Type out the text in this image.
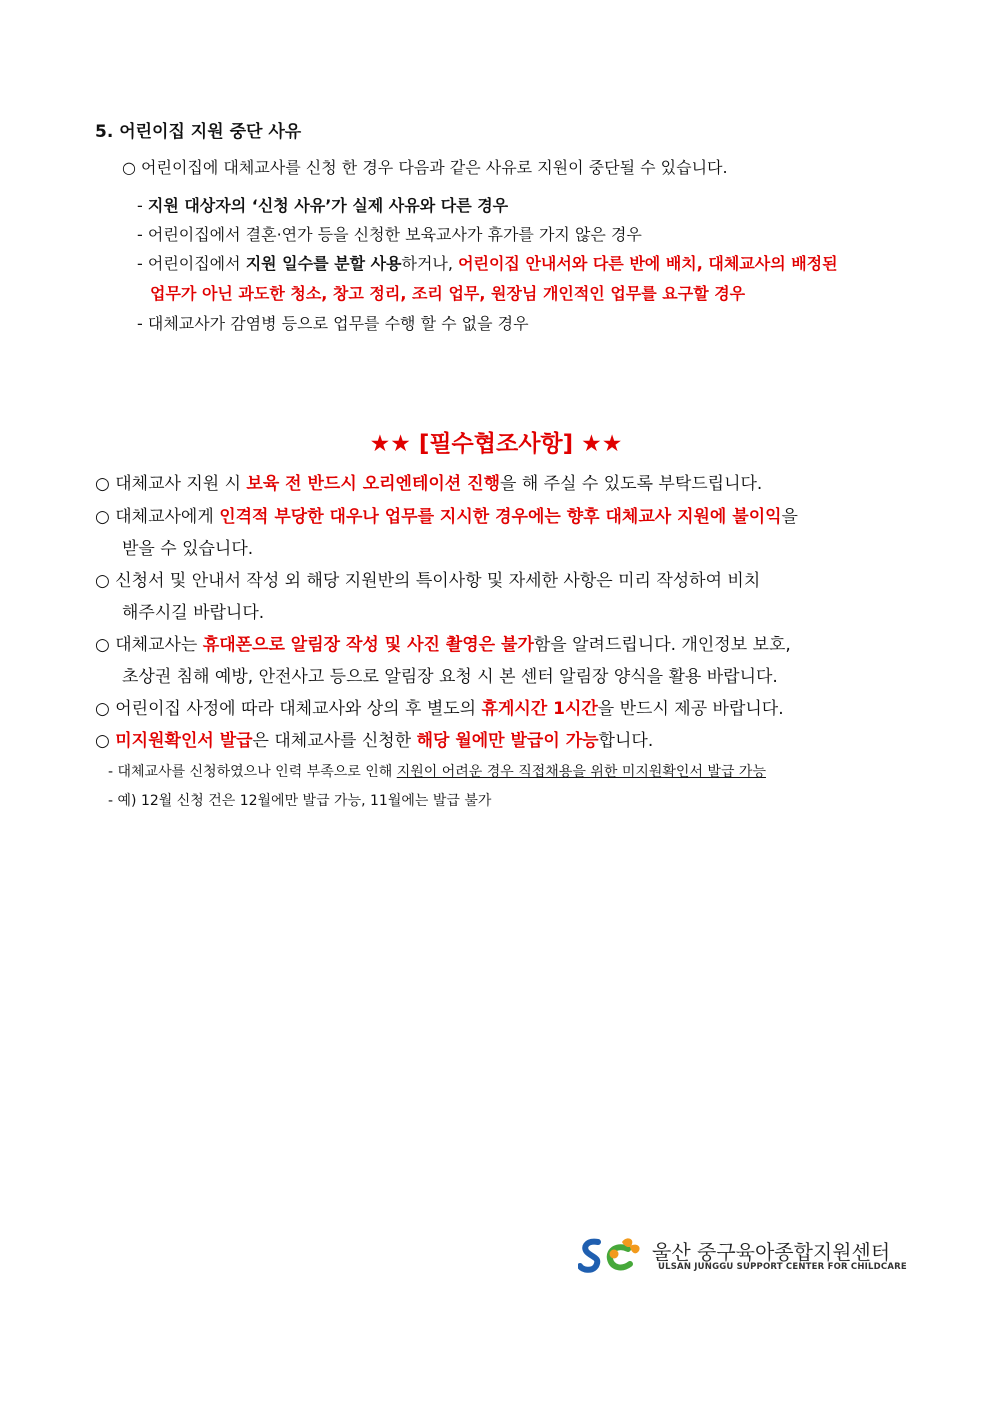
5. 어린이집 지원 중단 사유
○ 어린이집에 대체교사를 신청 한 경우 다음과 같은 사유로 지원이 중단될 수 있습니다.
- 지원 대상자의 ‘신청 사유’가 실제 사유와 다른 경우
- 어린이집에서 결혼·연가 등을 신청한 보육교사가 휴가를 가지 않은 경우
- 어린이집에서 지원 일수를 분할 사용하거나, 어린이집 안내서와 다른 반에 배치, 대체교사의 배정된
업무가 아닌 과도한 청소, 창고 정리, 조리 업무, 원장님 개인적인 업무를 요구할 경우
- 대체교사가 감염병 등으로 업무를 수행 할 수 없을 경우
★★ [필수협조사항] ★★
○ 대체교사 지원 시 보육 전 반드시 오리엔테이션 진행을 해 주실 수 있도록 부탁드립니다.
○ 대체교사에게 인격적 부당한 대우나 업무를 지시한 경우에는 향후 대체교사 지원에 불이익을
받을 수 있습니다.
○ 신청서 및 안내서 작성 외 해당 지원반의 특이사항 및 자세한 사항은 미리 작성하여 비치
해주시길 바랍니다.
○ 대체교사는 휴대폰으로 알림장 작성 및 사진 촬영은 불가함을 알려드립니다. 개인정보 보호,
초상권 침해 예방, 안전사고 등으로 알림장 요청 시 본 센터 알림장 양식을 활용 바랍니다.
○ 어린이집 사정에 따라 대체교사와 상의 후 별도의 휴게시간 1시간을 반드시 제공 바랍니다.
○ 미지원확인서 발급은 대체교사를 신청한 해당 월에만 발급이 가능합니다.
- 대체교사를 신청하였으나 인력 부족으로 인해 지원이 어려운 경우 직접채용을 위한 미지원확인서 발급 가능
- 예) 12월 신청 건은 12월에만 발급 가능, 11월에는 발급 불가
울산 중구육아종합지원센터
ULSAN JUNGGU SUPPORT CENTER FOR CHILDCARE
